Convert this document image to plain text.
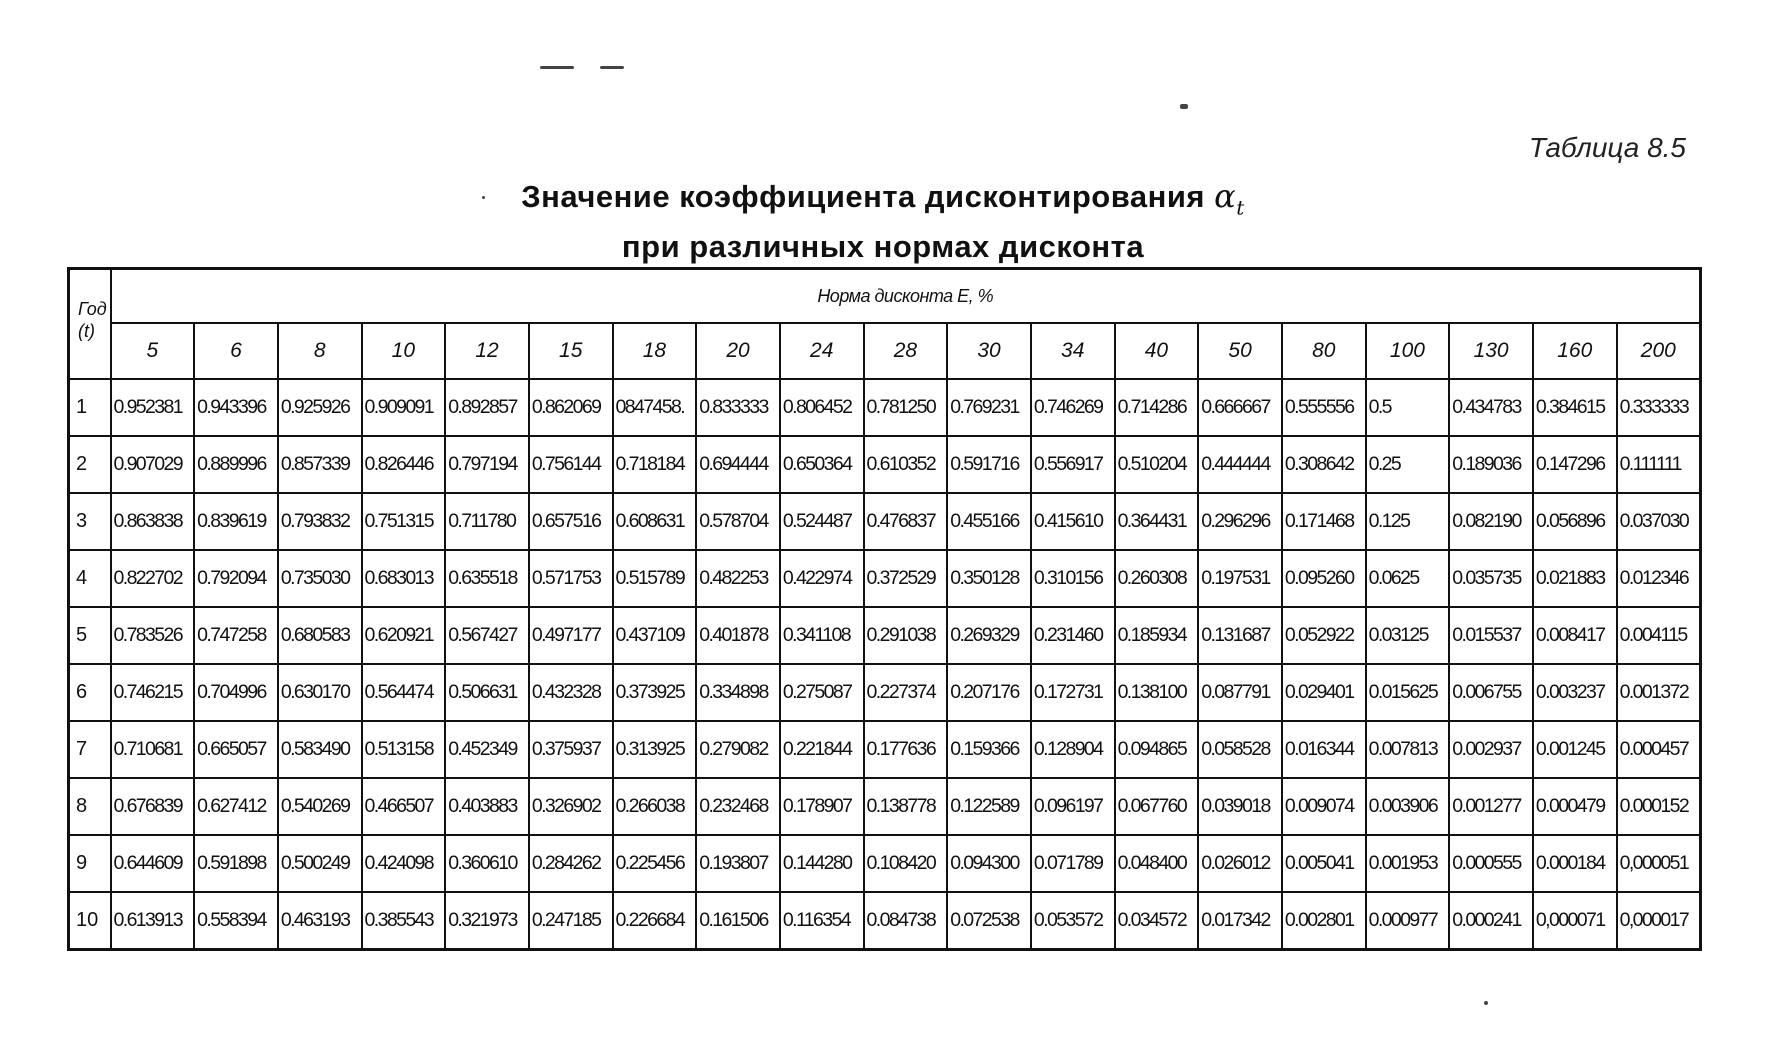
Таблица 8.5
Значение коэффициента дисконтирования $\alpha_t$
при различных нормах дисконта
Год
(t)	Норма дисконта E, %																		
	5	6	8	10	12	15	18	20	24	28	30	34	40	50	80	100	130	160	200
1	0.952381	0.943396	0.925926	0.909091	0.892857	0.862069	0847458.	0.833333	0.806452	0.781250	0.769231	0.746269	0.714286	0.666667	0.555556	0.5	0.434783	0.384615	0.333333
2	0.907029	0.889996	0.857339	0.826446	0.797194	0.756144	0.718184	0.694444	0.650364	0.610352	0.591716	0.556917	0.510204	0.444444	0.308642	0.25	0.189036	0.147296	0.111111
3	0.863838	0.839619	0.793832	0.751315	0.711780	0.657516	0.608631	0.578704	0.524487	0.476837	0.455166	0.415610	0.364431	0.296296	0.171468	0.125	0.082190	0.056896	0.037030
4	0.822702	0.792094	0.735030	0.683013	0.635518	0.571753	0.515789	0.482253	0.422974	0.372529	0.350128	0.310156	0.260308	0.197531	0.095260	0.0625	0.035735	0.021883	0.012346
5	0.783526	0.747258	0.680583	0.620921	0.567427	0.497177	0.437109	0.401878	0.341108	0.291038	0.269329	0.231460	0.185934	0.131687	0.052922	0.03125	0.015537	0.008417	0.004115
6	0.746215	0.704996	0.630170	0.564474	0.506631	0.432328	0.373925	0.334898	0.275087	0.227374	0.207176	0.172731	0.138100	0.087791	0.029401	0.015625	0.006755	0.003237	0.001372
7	0.710681	0.665057	0.583490	0.513158	0.452349	0.375937	0.313925	0.279082	0.221844	0.177636	0.159366	0.128904	0.094865	0.058528	0.016344	0.007813	0.002937	0.001245	0.000457
8	0.676839	0.627412	0.540269	0.466507	0.403883	0.326902	0.266038	0.232468	0.178907	0.138778	0.122589	0.096197	0.067760	0.039018	0.009074	0.003906	0.001277	0.000479	0.000152
9	0.644609	0.591898	0.500249	0.424098	0.360610	0.284262	0.225456	0.193807	0.144280	0.108420	0.094300	0.071789	0.048400	0.026012	0.005041	0.001953	0.000555	0.000184	0,000051
10	0.613913	0.558394	0.463193	0.385543	0.321973	0.247185	0.226684	0.161506	0.116354	0.084738	0.072538	0.053572	0.034572	0.017342	0.002801	0.000977	0.000241	0,000071	0,000017
